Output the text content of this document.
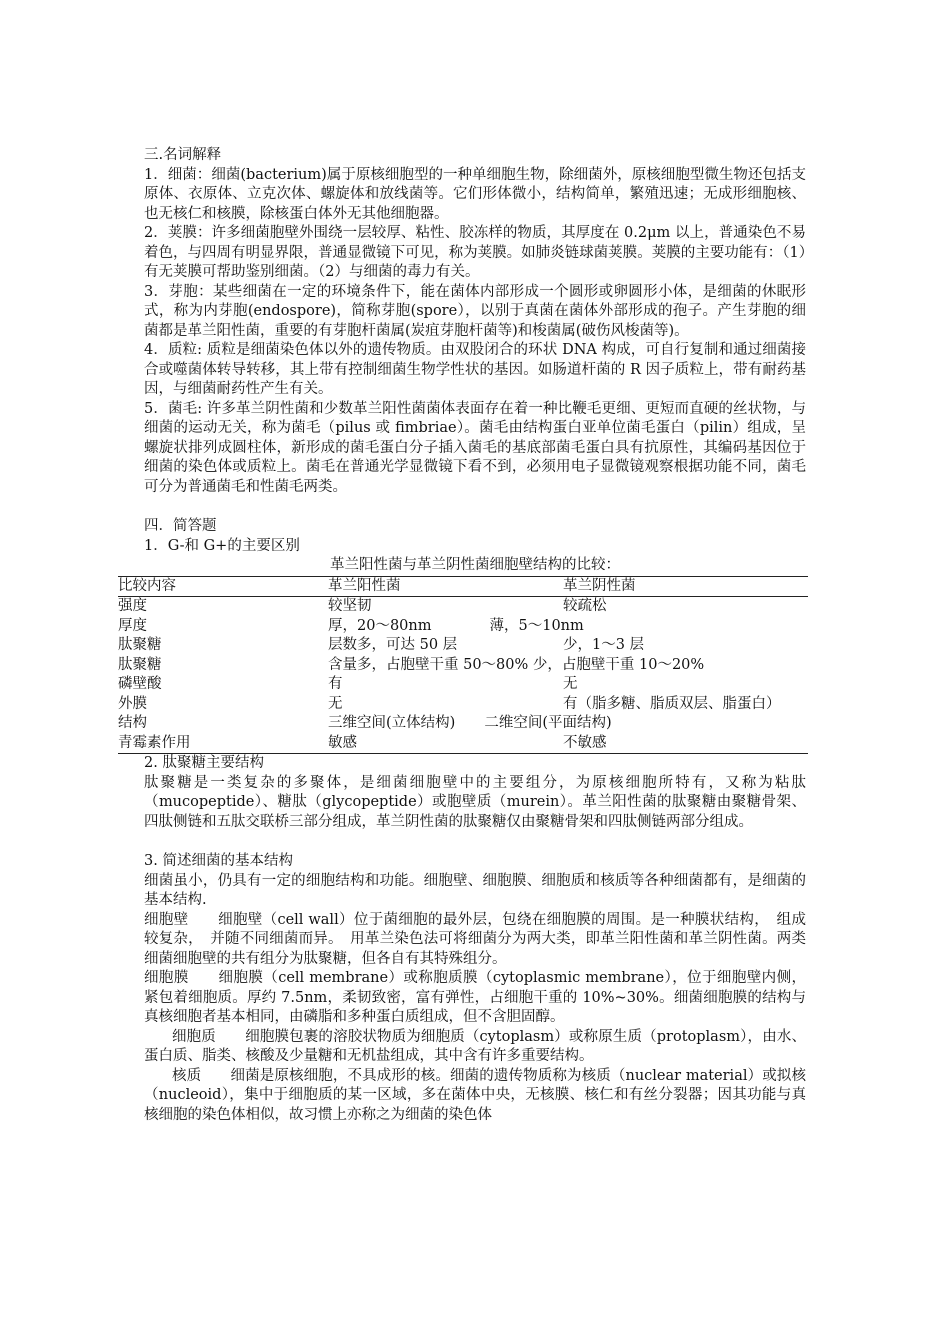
三.名词解释

1．细菌：细菌(bacterium)属于原核细胞型的一种单细胞生物，除细菌外，原核细胞型微生物还包括支原体、衣原体、立克次体、螺旋体和放线菌等。它们形体微小，结构简单，繁殖迅速；无成形细胞核、也无核仁和核膜，除核蛋白体外无其他细胞器。

2．荚膜：许多细菌胞壁外围绕一层较厚、粘性、胶冻样的物质，其厚度在 0.2μm 以上，普通染色不易着色，与四周有明显界限，普通显微镜下可见，称为荚膜。如肺炎链球菌荚膜。荚膜的主要功能有：（1）有无荚膜可帮助鉴别细菌。（2）与细菌的毒力有关。

3．芽胞：某些细菌在一定的环境条件下，能在菌体内部形成一个圆形或卵圆形小体，是细菌的休眠形式，称为内芽胞(endospore)，简称芽胞(spore），以别于真菌在菌体外部形成的孢子。产生芽胞的细菌都是革兰阳性菌，重要的有芽胞杆菌属(炭疽芽胞杆菌等)和梭菌属(破伤风梭菌等)。

4．质粒: 质粒是细菌染色体以外的遗传物质。由双股闭合的环状 DNA 构成，可自行复制和通过细菌接合或噬菌体转导转移，其上带有控制细菌生物学性状的基因。如肠道杆菌的 R 因子质粒上，带有耐药基因，与细菌耐药性产生有关。

5．菌毛: 许多革兰阴性菌和少数革兰阳性菌菌体表面存在着一种比鞭毛更细、更短而直硬的丝状物，与细菌的运动无关，称为菌毛（pilus 或 fimbriae）。菌毛由结构蛋白亚单位菌毛蛋白（pilin）组成，呈螺旋状排列成圆柱体，新形成的菌毛蛋白分子插入菌毛的基底部菌毛蛋白具有抗原性，其编码基因位于细菌的染色体或质粒上。菌毛在普通光学显微镜下看不到，必须用电子显微镜观察根据功能不同，菌毛可分为普通菌毛和性菌毛两类。

四．简答题

1．G-和 G+的主要区别

革兰阳性菌与革兰阴性菌细胞壁结构的比较：

比较内容	革兰阳性菌	革兰阴性菌
强度	较坚韧	较疏松
厚度	厚，20～80nm　　　　薄，5～10nm	
肽聚糖	层数多，可达 50 层	少，1～3 层
肽聚糖	含量多，占胞壁干重 50～80% 少，占胞壁干重 10～20%	
磷壁酸	有	无
外膜	无	有（脂多糖、脂质双层、脂蛋白）
结构	三维空间(立体结构)　　二维空间(平面结构)	
青霉素作用	敏感	不敏感

2. 肽聚糖主要结构

肽聚糖是一类复杂的多聚体，是细菌细胞壁中的主要组分，为原核细胞所特有，又称为粘肽（mucopeptide）、糖肽（glycopeptide）或胞壁质（murein）。革兰阳性菌的肽聚糖由聚糖骨架、四肽侧链和五肽交联桥三部分组成，革兰阴性菌的肽聚糖仅由聚糖骨架和四肽侧链两部分组成。

3. 简述细菌的基本结构

细菌虽小，仍具有一定的细胞结构和功能。细胞壁、细胞膜、细胞质和核质等各种细菌都有，是细菌的基本结构.

细胞壁　　细胞壁（cell wall）位于菌细胞的最外层，包绕在细胞膜的周围。是一种膜状结构，　组成较复杂，　并随不同细菌而异。　用革兰染色法可将细菌分为两大类，即革兰阳性菌和革兰阴性菌。两类细菌细胞壁的共有组分为肽聚糖，但各自有其特殊组分。

细胞膜　　细胞膜（cell membrane）或称胞质膜（cytoplasmic membrane），位于细胞壁内侧，紧包着细胞质。厚约 7.5nm，柔韧致密，富有弹性，占细胞干重的 10%~30%。细菌细胞膜的结构与真核细胞者基本相同，由磷脂和多种蛋白质组成，但不含胆固醇。

细胞质　　细胞膜包裹的溶胶状物质为细胞质（cytoplasm）或称原生质（protoplasm），由水、蛋白质、脂类、核酸及少量糖和无机盐组成，其中含有许多重要结构。

核质　　细菌是原核细胞，不具成形的核。细菌的遗传物质称为核质（nuclear material）或拟核（nucleoid），集中于细胞质的某一区域，多在菌体中央，无核膜、核仁和有丝分裂器；因其功能与真核细胞的染色体相似，故习惯上亦称之为细菌的染色体
